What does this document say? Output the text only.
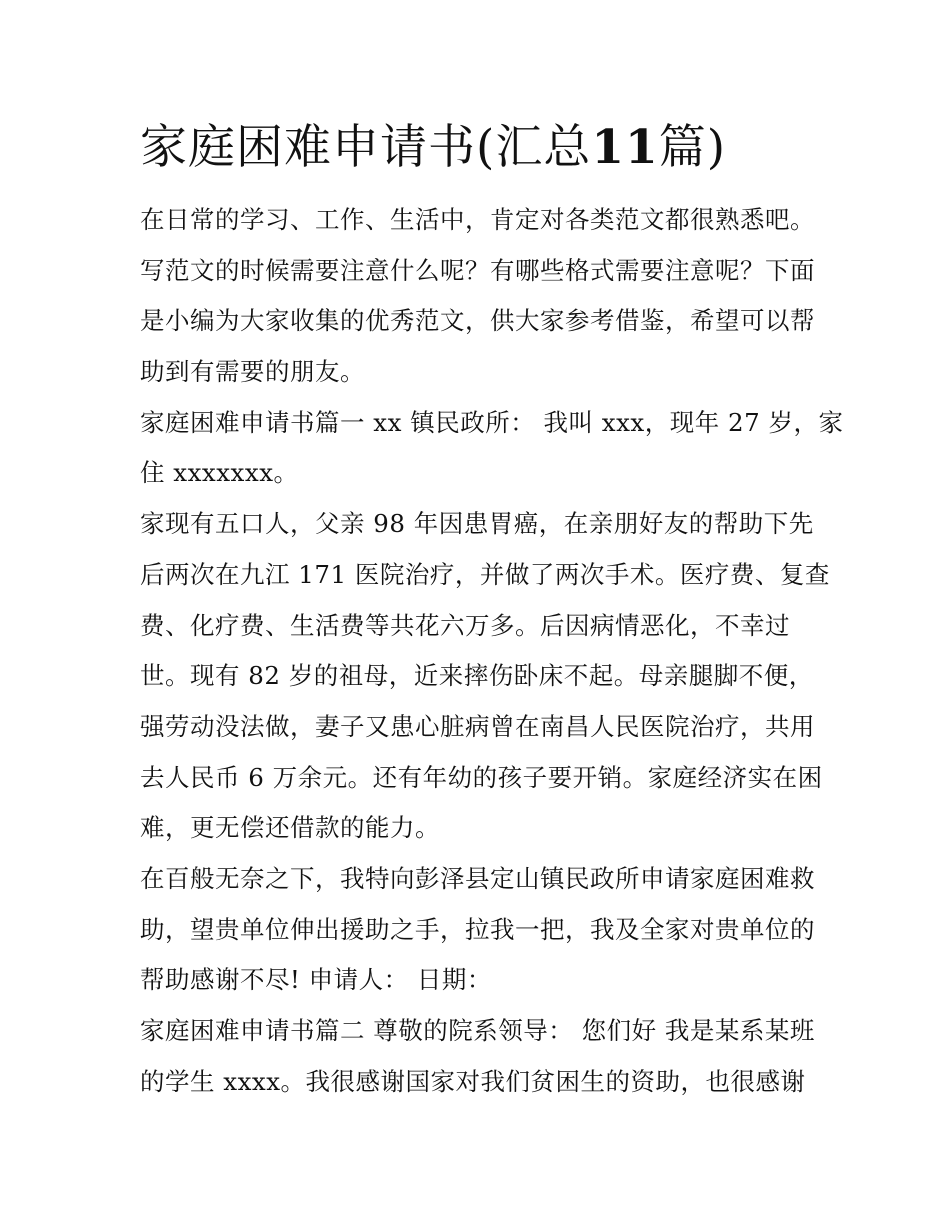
家庭困难申请书(汇总11篇)

在日常的学习、工作、生活中，肯定对各类范文都很熟悉吧。

写范文的时候需要注意什么呢？有哪些格式需要注意呢？下面

是小编为大家收集的优秀范文，供大家参考借鉴，希望可以帮

助到有需要的朋友。

家庭困难申请书篇一 xx 镇民政所： 我叫 xxx，现年 27 岁，家

住 xxxxxxx。

家现有五口人，父亲 98 年因患胃癌，在亲朋好友的帮助下先

后两次在九江 171 医院治疗，并做了两次手术。医疗费、复查

费、化疗费、生活费等共花六万多。后因病情恶化，不幸过

世。现有 82 岁的祖母，近来摔伤卧床不起。母亲腿脚不便，

强劳动没法做，妻子又患心脏病曾在南昌人民医院治疗，共用

去人民币 6 万余元。还有年幼的孩子要开销。家庭经济实在困

难，更无偿还借款的能力。

在百般无奈之下，我特向彭泽县定山镇民政所申请家庭困难救

助，望贵单位伸出援助之手，拉我一把，我及全家对贵单位的

帮助感谢不尽! 申请人： 日期：

家庭困难申请书篇二 尊敬的院系领导： 您们好 我是某系某班

的学生 xxxx。我很感谢国家对我们贫困生的资助，也很感谢
